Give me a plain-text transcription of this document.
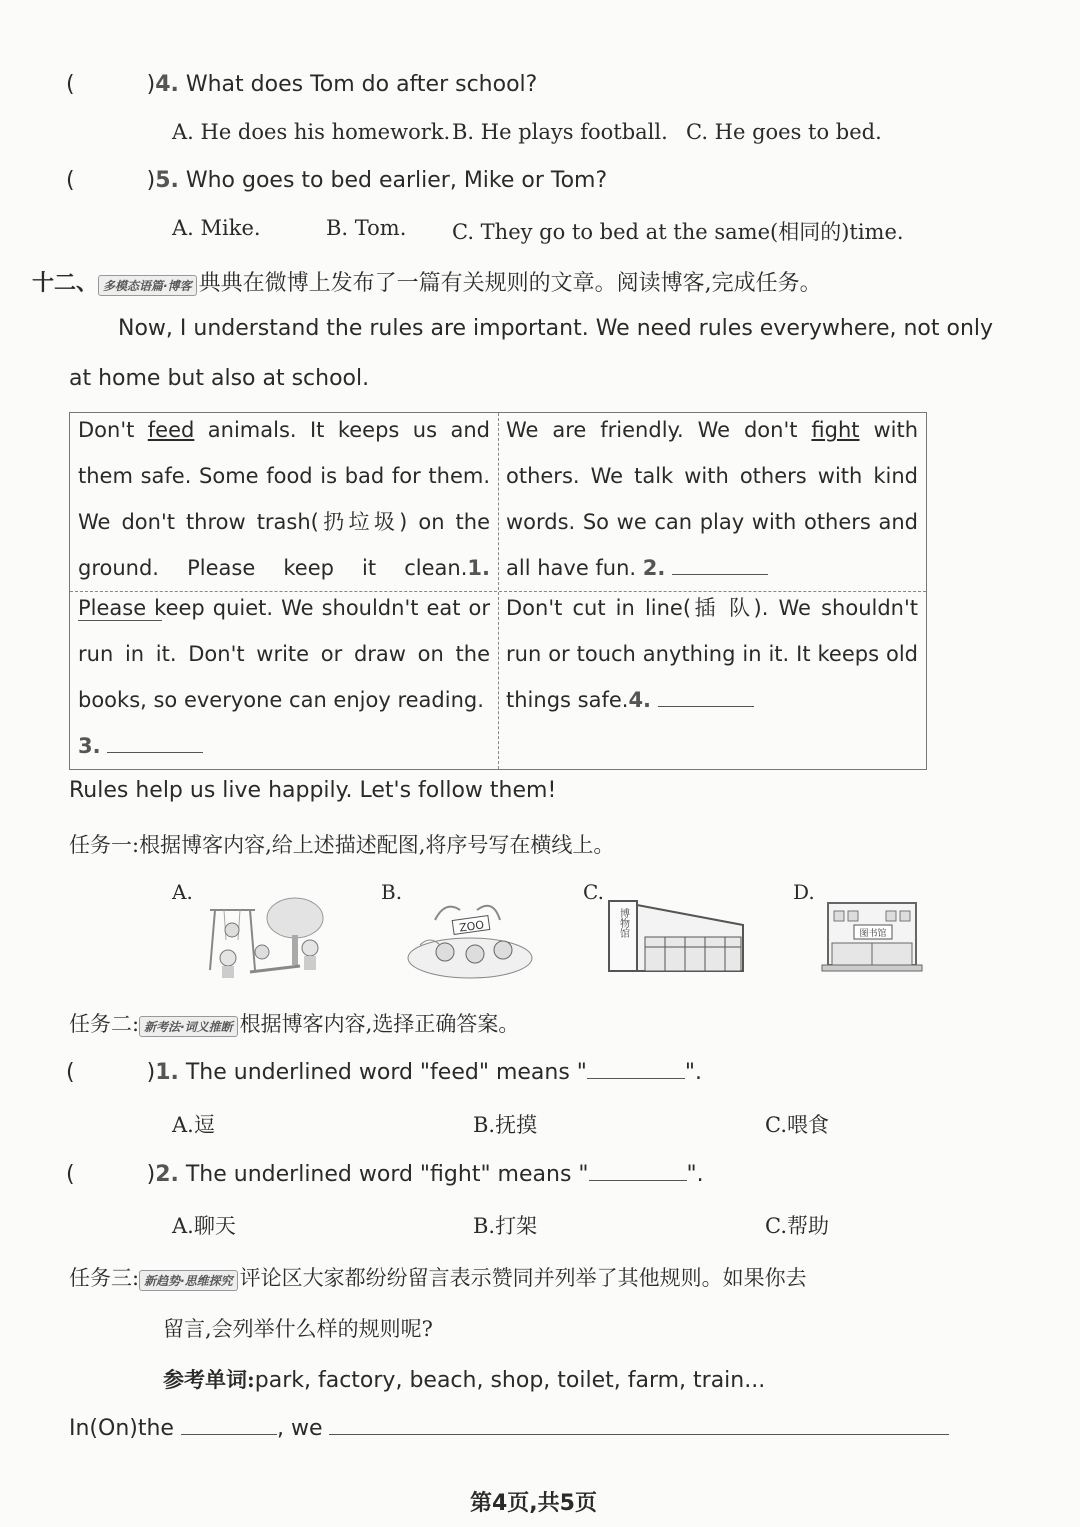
(	)4. What does Tom do after school?
A. He does his homework. B. He plays football. C. He goes to bed.
(	)5. Who goes to bed earlier, Mike or Tom?
A. Mike.	B. Tom. C. They go to bed at the same(相同的)time.
十二、 多模态语篇·博客 典典在微博上发布了一篇有关规则的文章。阅读博客,完成任务。
Now, I understand the rules are important. We need rules everywhere, not only
at home but also at school.
Don't feed animals. It keeps us and them safe. Some food is bad for them. We don't throw trash(扔垃圾) on the ground. Please keep it clean.1.
We are friendly. We don't fight with others. We talk with others with kind words. So we can play with others and all have fun. 2.
Please keep quiet. We shouldn't eat or run in it. Don't write or draw on the books, so everyone can enjoy reading.
3.
Don't cut in line(插 队). We shouldn't run or touch anything in it. It keeps old things safe.4.
Rules help us live happily. Let's follow them!
任务一:根据博客内容,给上述描述配图,将序号写在横线上。
A.	B.
ZOO
C.
博物馆
D.
图书馆
任务二: 新考法·词义推断 根据博客内容,选择正确答案。
(	)1. The underlined word "feed" means "	".
A.逗	B.抚摸	C.喂食
(	)2. The underlined word "fight" means "	".
A.聊天	B.打架	C.帮助
任务三: 新趋势·思维探究 评论区大家都纷纷留言表示赞同并列举了其他规则。如果你去
留言,会列举什么样的规则呢?
参考单词:park, factory, beach, shop, toilet, farm, train...
In(On)the	, we
第4页,共5页
